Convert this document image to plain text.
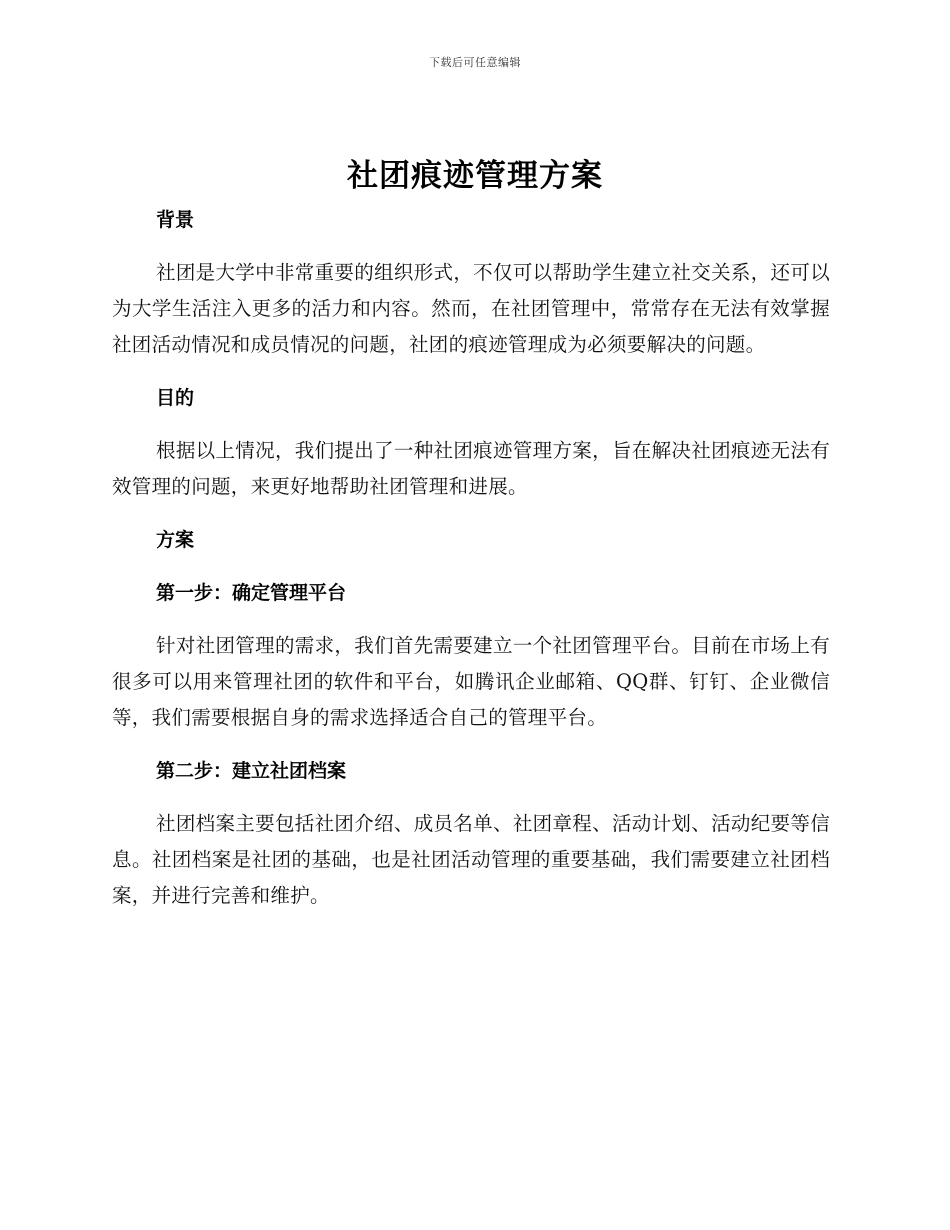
下载后可任意编辑
社团痕迹管理方案
背景
社团是大学中非常重要的组织形式，不仅可以帮助学生建立社交关系，还可以为大学生活注入更多的活力和内容。然而，在社团管理中，常常存在无法有效掌握社团活动情况和成员情况的问题，社团的痕迹管理成为必须要解决的问题。
目的
根据以上情况，我们提出了一种社团痕迹管理方案，旨在解决社团痕迹无法有效管理的问题，来更好地帮助社团管理和进展。
方案
第一步：确定管理平台
针对社团管理的需求，我们首先需要建立一个社团管理平台。目前在市场上有很多可以用来管理社团的软件和平台，如腾讯企业邮箱、QQ群、钉钉、企业微信等，我们需要根据自身的需求选择适合自己的管理平台。
第二步：建立社团档案
社团档案主要包括社团介绍、成员名单、社团章程、活动计划、活动纪要等信息。社团档案是社团的基础，也是社团活动管理的重要基础，我们需要建立社团档案，并进行完善和维护。
